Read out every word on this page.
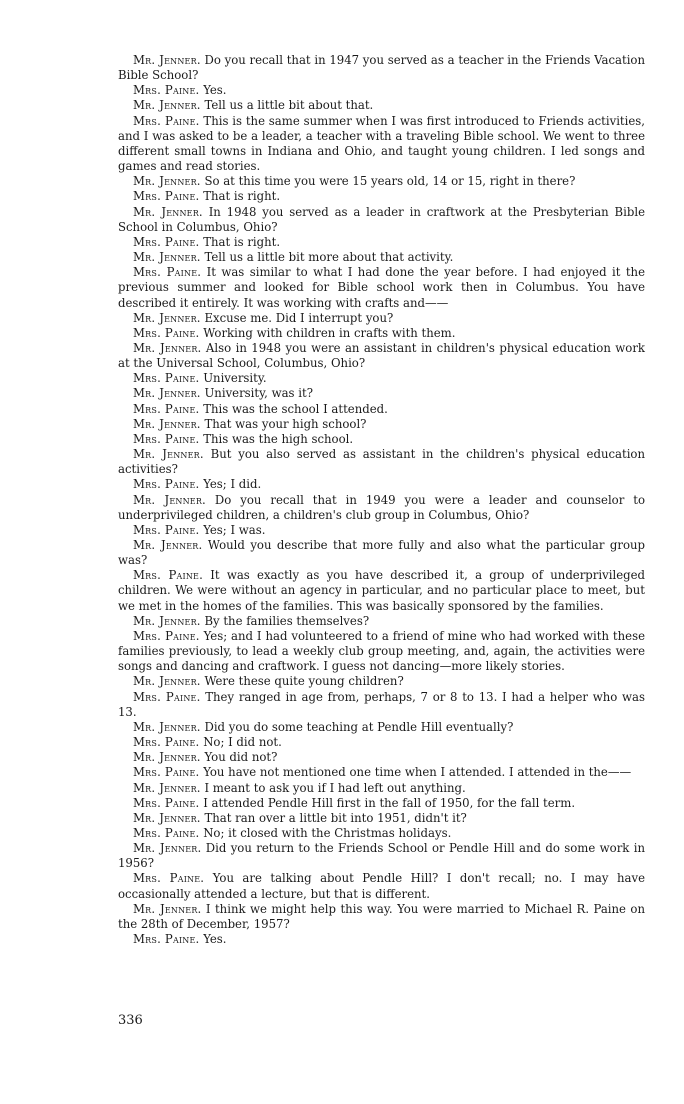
Mr. Jenner. Do you recall that in 1947 you served as a teacher in the Friends Vacation Bible School?

Mrs. Paine. Yes.

Mr. Jenner. Tell us a little bit about that.

Mrs. Paine. This is the same summer when I was first introduced to Friends activities, and I was asked to be a leader, a teacher with a traveling Bible school. We went to three different small towns in Indiana and Ohio, and taught young children. I led songs and games and read stories.

Mr. Jenner. So at this time you were 15 years old, 14 or 15, right in there?

Mrs. Paine. That is right.

Mr. Jenner. In 1948 you served as a leader in craftwork at the Presbyterian Bible School in Columbus, Ohio?

Mrs. Paine. That is right.

Mr. Jenner. Tell us a little bit more about that activity.

Mrs. Paine. It was similar to what I had done the year before. I had enjoyed it the previous summer and looked for Bible school work then in Columbus. You have described it entirely. It was working with crafts and——

Mr. Jenner. Excuse me. Did I interrupt you?

Mrs. Paine. Working with children in crafts with them.

Mr. Jenner. Also in 1948 you were an assistant in children's physical education work at the Universal School, Columbus, Ohio?

Mrs. Paine. University.

Mr. Jenner. University, was it?

Mrs. Paine. This was the school I attended.

Mr. Jenner. That was your high school?

Mrs. Paine. This was the high school.

Mr. Jenner. But you also served as assistant in the children's physical education activities?

Mrs. Paine. Yes; I did.

Mr. Jenner. Do you recall that in 1949 you were a leader and counselor to underprivileged children, a children's club group in Columbus, Ohio?

Mrs. Paine. Yes; I was.

Mr. Jenner. Would you describe that more fully and also what the particular group was?

Mrs. Paine. It was exactly as you have described it, a group of underprivileged children. We were without an agency in particular, and no particular place to meet, but we met in the homes of the families. This was basically sponsored by the families.

Mr. Jenner. By the families themselves?

Mrs. Paine. Yes; and I had volunteered to a friend of mine who had worked with these families previously, to lead a weekly club group meeting, and, again, the activities were songs and dancing and craftwork. I guess not dancing—more likely stories.

Mr. Jenner. Were these quite young children?

Mrs. Paine. They ranged in age from, perhaps, 7 or 8 to 13. I had a helper who was 13.

Mr. Jenner. Did you do some teaching at Pendle Hill eventually?

Mrs. Paine. No; I did not.

Mr. Jenner. You did not?

Mrs. Paine. You have not mentioned one time when I attended. I attended in the——

Mr. Jenner. I meant to ask you if I had left out anything.

Mrs. Paine. I attended Pendle Hill first in the fall of 1950, for the fall term.

Mr. Jenner. That ran over a little bit into 1951, didn't it?

Mrs. Paine. No; it closed with the Christmas holidays.

Mr. Jenner. Did you return to the Friends School or Pendle Hill and do some work in 1956?

Mrs. Paine. You are talking about Pendle Hill? I don't recall; no. I may have occasionally attended a lecture, but that is different.

Mr. Jenner. I think we might help this way. You were married to Michael R. Paine on the 28th of December, 1957?

Mrs. Paine. Yes.

336
